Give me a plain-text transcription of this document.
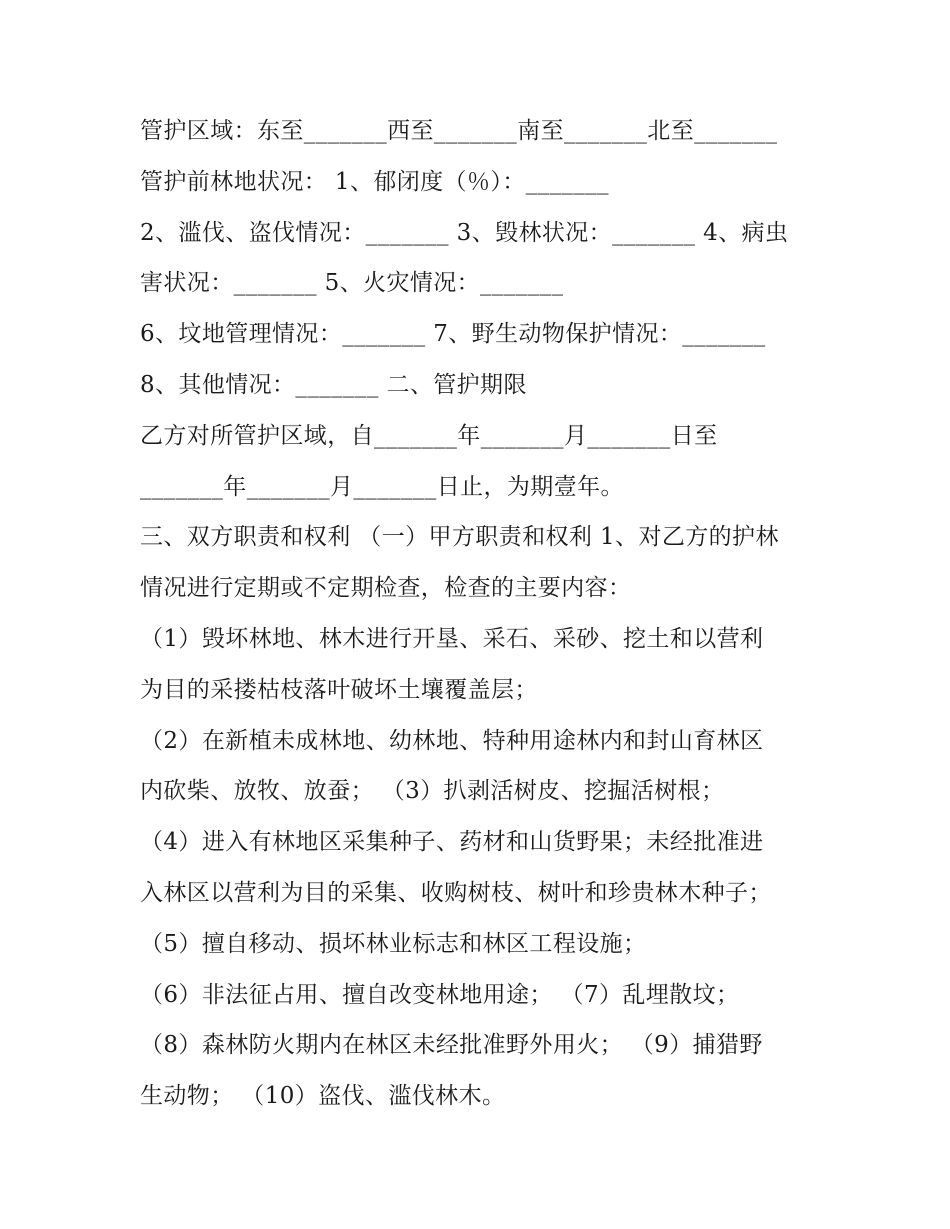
管护区域：东至_______西至_______南至_______北至_______
管护前林地状况： 1、郁闭度（％）：_______
2、滥伐、盗伐情况：_______ 3、毁林状况：_______ 4、病虫
害状况：_______ 5、火灾情况：_______
6、坟地管理情况：_______ 7、野生动物保护情况：_______
8、其他情况：_______ 二、管护期限
乙方对所管护区域，自_______年_______月_______日至
_______年_______月_______日止，为期壹年。
三、双方职责和权利 （一）甲方职责和权利 1、对乙方的护林
情况进行定期或不定期检查，检查的主要内容：
（1）毁坏林地、林木进行开垦、采石、采砂、挖土和以营利
为目的采搂枯枝落叶破坏土壤覆盖层；
（2）在新植未成林地、幼林地、特种用途林内和封山育林区
内砍柴、放牧、放蚕； （3）扒剥活树皮、挖掘活树根；
（4）进入有林地区采集种子、药材和山货野果；未经批准进
入林区以营利为目的采集、收购树枝、树叶和珍贵林木种子；
（5）擅自移动、损坏林业标志和林区工程设施；
（6）非法征占用、擅自改变林地用途； （7）乱埋散坟；
（8）森林防火期内在林区未经批准野外用火； （9）捕猎野
生动物； （10）盗伐、滥伐林木。
